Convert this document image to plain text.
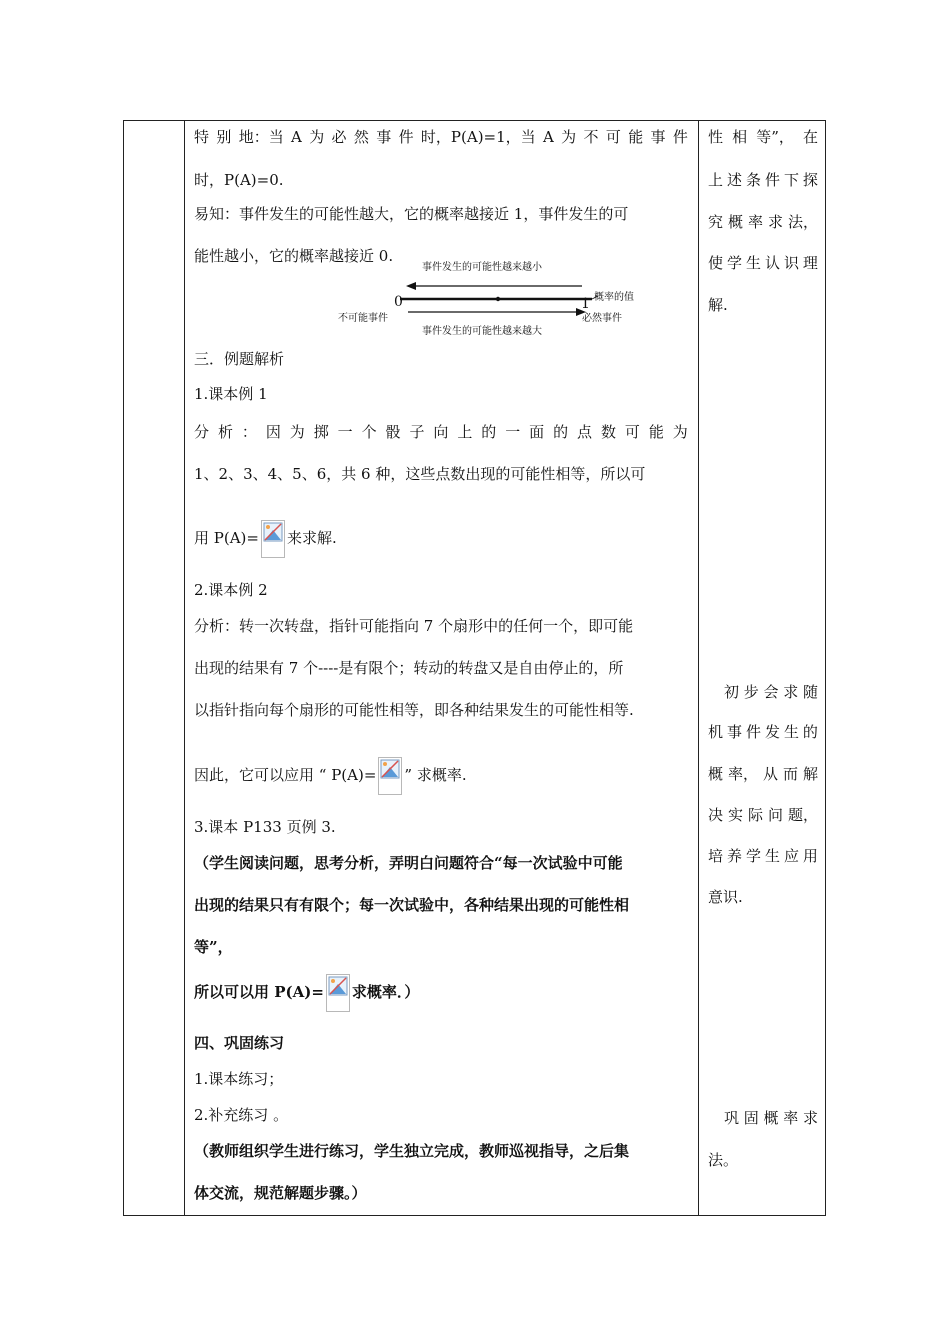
特 别 地：当 A 为 必 然 事 件 时，P(A)=1，当 A 为 不 可 能 事 件
时，P(A)=0.
易知：事件发生的可能性越大，它的概率越接近 1，事件发生的可
能性越小，它的概率越接近 0.
事件发生的可能性越来越小
0	1 概率的值
不可能事件	必然事件
事件发生的可能性越来越大
三．例题解析
1.课本例 1
分 析 ： 因 为 掷 一 个 骰 子 向 上 的 一 面 的 点 数 可 能 为
1、2、3、4、5、6，共 6 种，这些点数出现的可能性相等，所以可
用 P(A)= 来求解.
2.课本例 2
分析：转一次转盘，指针可能指向 7 个扇形中的任何一个，即可能
出现的结果有 7 个----是有限个；转动的转盘又是自由停止的，所
以指针指向每个扇形的可能性相等，即各种结果发生的可能性相等.
因此，它可以应用 “ P(A)= ” 求概率.
3.课本 P133 页例 3.
（学生阅读问题，思考分析，弄明白问题符合“每一次试验中可能
出现的结果只有有限个；每一次试验中，各种结果出现的可能性相
等”，
所以可以用 P(A)= 求概率．）
四、巩固练习
1.课本练习；
2.补充练习 。
（教师组织学生进行练习，学生独立完成，教师巡视指导，之后集
体交流，规范解题步骤。）
性 相 等”， 在
上 述 条 件 下 探
究 概 率 求 法，
使 学 生 认 识 理
解.
初 步 会 求 随
机 事 件 发 生 的
概 率， 从 而 解
决 实 际 问 题，
培 养 学 生 应 用
意识.
巩 固 概 率 求
法。
